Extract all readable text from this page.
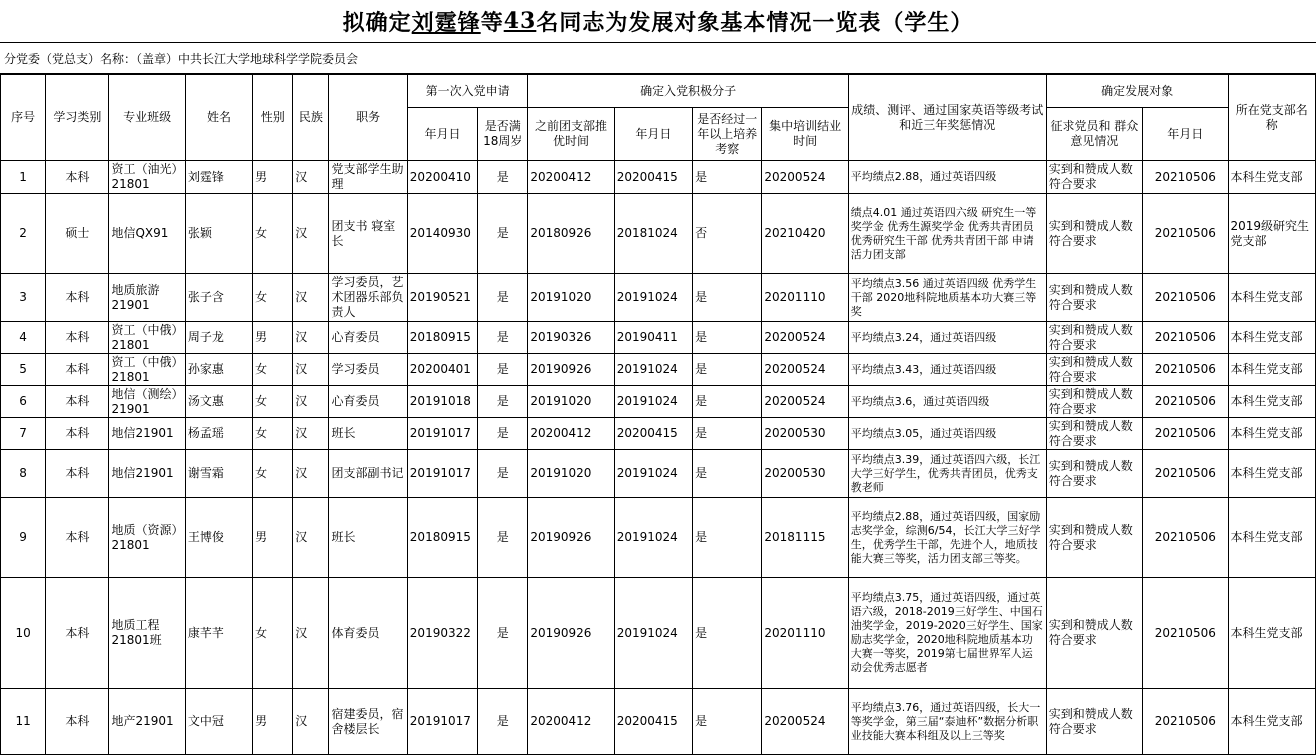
拟确定 刘霆锋 等 43 名同志为发展对象基本情况一览表（学生）
分党委（党总支）名称：（盖章）中共长江大学地球科学学院委员会
序号	学习类别	专业班级	姓名	性别	民族	职务	第一次入党申请		确定入党积极分子				成绩、测评、通过国家英语等级考试和近三年奖惩情况	确定发展对象		所在党支部名称
							年月日	是否满18周岁	之前团支部推优时间	年月日	是否经过一年以上培养考察	集中培训结业时间		征求党员和 群众意见情况	年月日	

1	本科	资工（油光）21801	刘霆锋	男	汉	党支部学生助理	20200410	是	20200412	20200415	是	20200524	平均绩点2.88，通过英语四级	实到和赞成人数符合要求	20210506	本科生党支部

2	硕士	地信QX91	张颖	女	汉	团支书 寝室长	20140930	是	20180926	20181024	否	20210420	绩点4.01 通过英语四六级 研究生一等奖学金 优秀生源奖学金 优秀共青团员 优秀研究生干部 优秀共青团干部 申请活力团支部	实到和赞成人数符合要求	20210506	2019级研究生党支部

3	本科	地质旅游21901	张子含	女	汉	学习委员，艺术团器乐部负责人	20190521	是	20191020	20191024	是	20201110	平均绩点3.56 通过英语四级 优秀学生干部 2020地科院地质基本功大赛三等奖	实到和赞成人数符合要求	20210506	本科生党支部

4	本科	资工（中俄）21801	周子龙	男	汉	心育委员	20180915	是	20190326	20190411	是	20200524	平均绩点3.24，通过英语四级	实到和赞成人数符合要求	20210506	本科生党支部

5	本科	资工（中俄）21801	孙家惠	女	汉	学习委员	20200401	是	20190926	20191024	是	20200524	平均绩点3.43，通过英语四级	实到和赞成人数符合要求	20210506	本科生党支部

6	本科	地信（测绘）21901	汤文惠	女	汉	心育委员	20191018	是	20191020	20191024	是	20200524	平均绩点3.6，通过英语四级	实到和赞成人数符合要求	20210506	本科生党支部

7	本科	地信21901	杨孟瑶	女	汉	班长	20191017	是	20200412	20200415	是	20200530	平均绩点3.05，通过英语四级	实到和赞成人数符合要求	20210506	本科生党支部

8	本科	地信21901	谢雪霜	女	汉	团支部副书记	20191017	是	20191020	20191024	是	20200530	平均绩点3.39，通过英语四六级，长江大学三好学生，优秀共青团员，优秀支教老师	实到和赞成人数符合要求	20210506	本科生党支部

9	本科	地质（资源）21801	王博俊	男	汉	班长	20180915	是	20190926	20191024	是	20181115	平均绩点2.88，通过英语四级，国家励志奖学金，综测6/54，长江大学三好学生，优秀学生干部，先进个人，地质技能大赛三等奖，活力团支部三等奖。	实到和赞成人数符合要求	20210506	本科生党支部

10	本科	地质工程21801班	康芊芊	女	汉	体育委员	20190322	是	20190926	20191024	是	20201110	平均绩点3.75，通过英语四级，通过英语六级，2018-2019三好学生、中国石油奖学金，2019-2020三好学生、国家励志奖学金，2020地科院地质基本功大赛一等奖，2019第七届世界军人运动会优秀志愿者	实到和赞成人数符合要求	20210506	本科生党支部

11	本科	地产21901	文中冠	男	汉	宿建委员，宿舍楼层长	20191017	是	20200412	20200415	是	20200524	平均绩点3.76，通过英语四级，长大一等奖学金，第三届“泰迪杯”数据分析职业技能大赛本科组及以上三等奖	实到和赞成人数符合要求	20210506	本科生党支部
